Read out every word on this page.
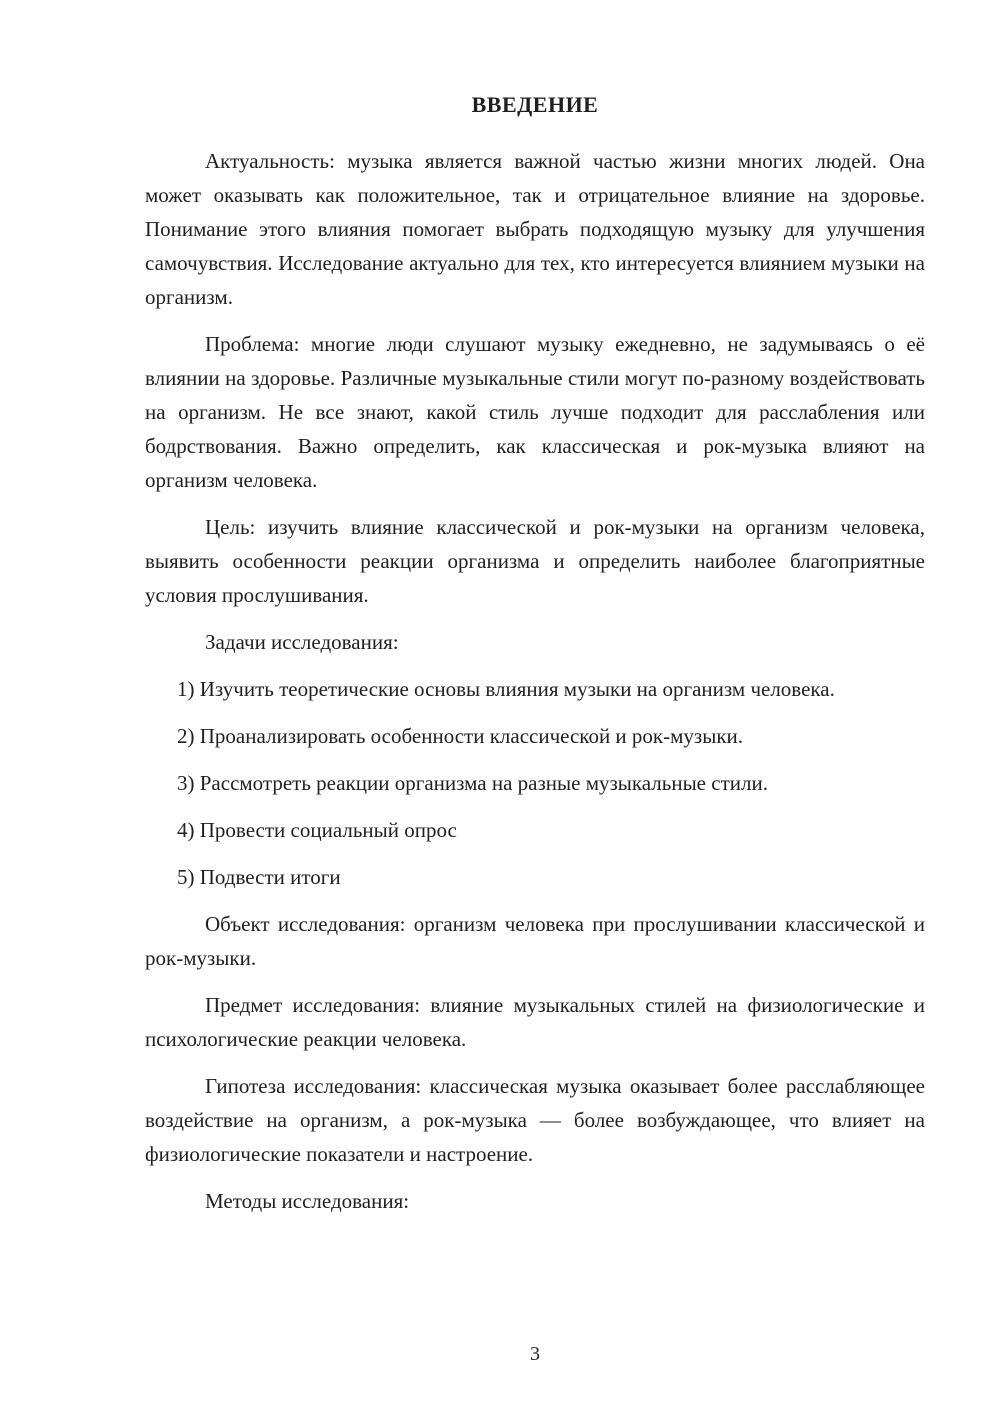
ВВЕДЕНИЕ

Актуальность: музыка является важной частью жизни многих людей. Она может оказывать как положительное, так и отрицательное влияние на здоровье. Понимание этого влияния помогает выбрать подходящую музыку для улучшения самочувствия. Исследование актуально для тех, кто интересуется влиянием музыки на организм.

Проблема: многие люди слушают музыку ежедневно, не задумываясь о её влиянии на здоровье. Различные музыкальные стили могут по-разному воздействовать на организм. Не все знают, какой стиль лучше подходит для расслабления или бодрствования. Важно определить, как классическая и рок-музыка влияют на организм человека.

Цель: изучить влияние классической и рок-музыки на организм человека, выявить особенности реакции организма и определить наиболее благоприятные условия прослушивания.

Задачи исследования:

1) Изучить теоретические основы влияния музыки на организм человека.

2) Проанализировать особенности классической и рок-музыки.

3) Рассмотреть реакции организма на разные музыкальные стили.

4) Провести социальный опрос

5) Подвести итоги

Объект исследования: организм человека при прослушивании классической и рок-музыки.

Предмет исследования: влияние музыкальных стилей на физиологические и психологические реакции человека.

Гипотеза исследования: классическая музыка оказывает более расслабляющее воздействие на организм, а рок-музыка — более возбуждающее, что влияет на физиологические показатели и настроение.

Методы исследования:

3
